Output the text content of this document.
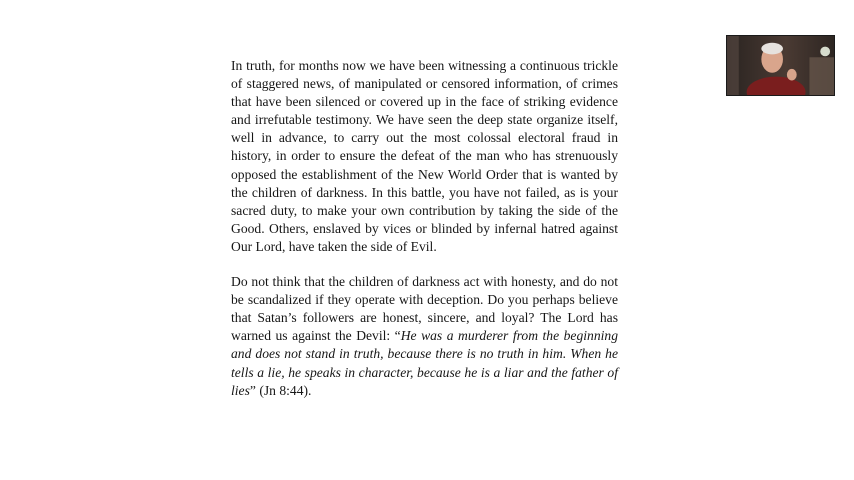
In truth, for months now we have been witnessing a continuous trickle of staggered news, of manipulated or censored information, of crimes that have been silenced or covered up in the face of striking evidence and irrefutable testimony. We have seen the deep state organize itself, well in advance, to carry out the most colossal electoral fraud in history, in order to ensure the defeat of the man who has strenuously opposed the establishment of the New World Order that is wanted by the children of darkness. In this battle, you have not failed, as is your sacred duty, to make your own contribution by taking the side of the Good. Others, enslaved by vices or blinded by infernal hatred against Our Lord, have taken the side of Evil.

Do not think that the children of darkness act with honesty, and do not be scandalized if they operate with deception. Do you perhaps believe that Satan’s followers are honest, sincere, and loyal? The Lord has warned us against the Devil: “He was a murderer from the beginning and does not stand in truth, because there is no truth in him. When he tells a lie, he speaks in character, because he is a liar and the father of lies” (Jn 8:44).
